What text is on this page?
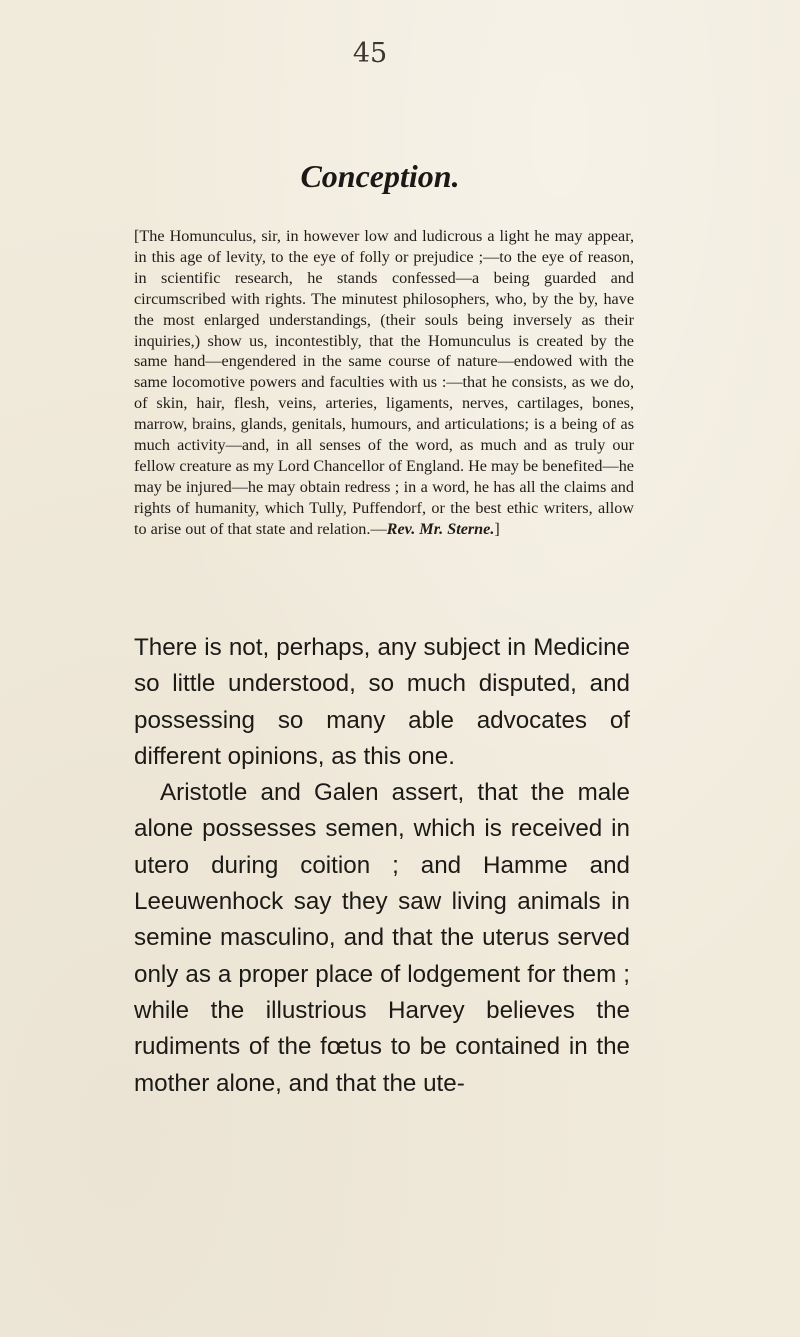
45
Conception.
[The Homunculus, sir, in however low and ludicrous a light he may appear, in this age of levity, to the eye of folly or prejudice ;—to the eye of reason, in scientific research, he stands confessed—a being guarded and circumscribed with rights. The minutest philosophers, who, by the by, have the most enlarged understandings, (their souls being inversely as their inquiries,) show us, incontestibly, that the Homunculus is created by the same hand—engendered in the same course of nature—endowed with the same locomotive powers and faculties with us :—that he consists, as we do, of skin, hair, flesh, veins, arteries, ligaments, nerves, cartilages, bones, marrow, brains, glands, genitals, humours, and articulations; is a being of as much activity—and, in all senses of the word, as much and as truly our fellow creature as my Lord Chancellor of England. He may be benefited—he may be injured—he may obtain redress ; in a word, he has all the claims and rights of humanity, which Tully, Puffendorf, or the best ethic writers, allow to arise out of that state and relation.—Rev. Mr. Sterne.]

There is not, perhaps, any subject in Medicine so little understood, so much disputed, and possessing so many able advocates of different opinions, as this one.

Aristotle and Galen assert, that the male alone possesses semen, which is received in utero during coition ; and Hamme and Leeuwenhock say they saw living animals in semine masculino, and that the uterus served only as a proper place of lodgement for them ; while the illustrious Harvey believes the rudiments of the fœtus to be contained in the mother alone, and that the ute-
